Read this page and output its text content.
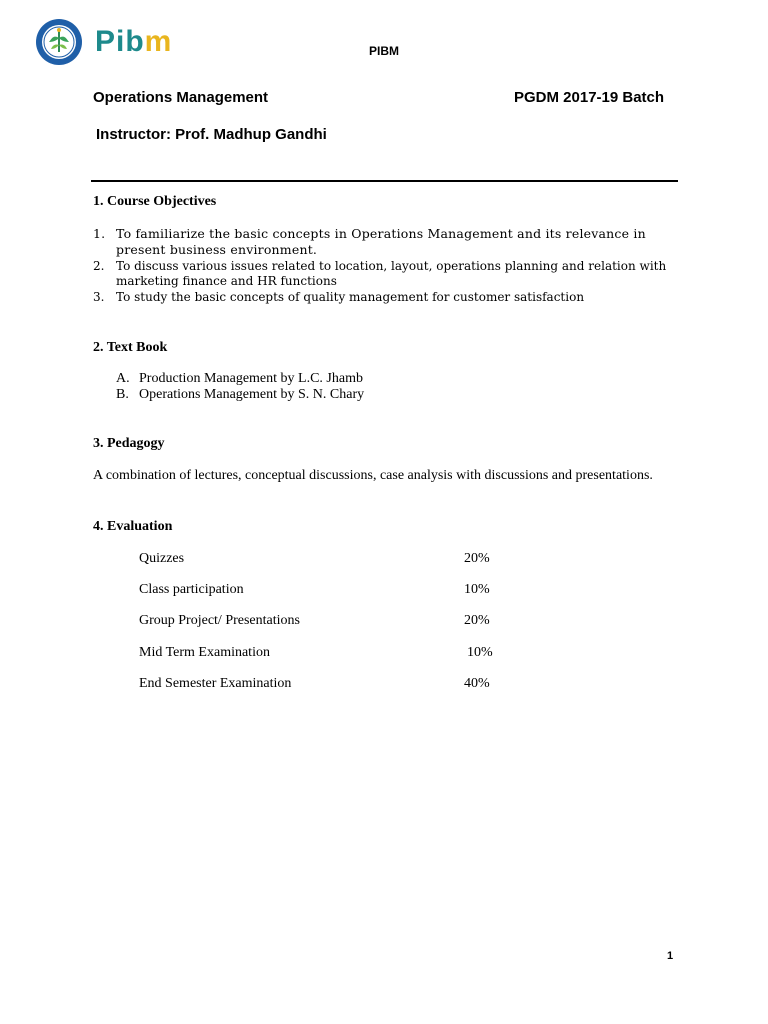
Pibm	PIBM
Operations Management	PGDM 2017-19 Batch
Instructor: Prof. Madhup Gandhi
1. Course Objectives
1. To familiarize the basic concepts in Operations Management and its relevance in present business environment.
2. To discuss various issues related to location, layout, operations planning and relation with marketing finance and HR functions
3. To study the basic concepts of quality management for customer satisfaction
2. Text Book
A. Production Management by L.C. Jhamb
B. Operations Management by S. N. Chary
3. Pedagogy
A combination of lectures, conceptual discussions, case analysis with discussions and presentations.
4. Evaluation
Quizzes	20%
Class participation	10%
Group Project/ Presentations	20%
Mid Term Examination	10%
End Semester Examination	40%
1
